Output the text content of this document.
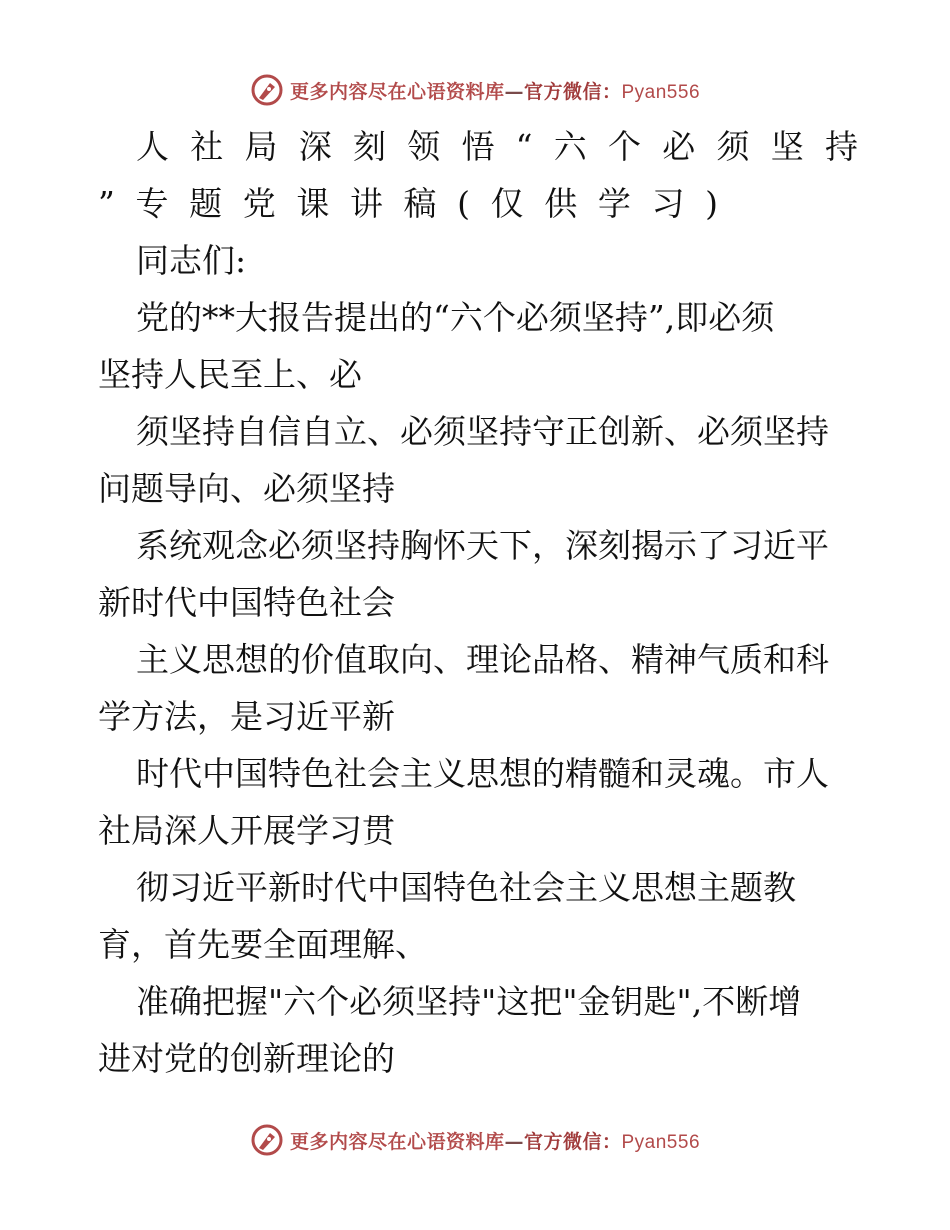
更多内容尽在心语资料库—官方微信：Pyan556
人社局深刻领悟“六个必须坚持
”专题党课讲稿(仅供学习)
同志们:
党的**大报告提出的“六个必须坚持”,即必须
坚持人民至上、必
须坚持自信自立、必须坚持守正创新、必须坚持
问题导向、必须坚持
系统观念必须坚持胸怀天下，深刻揭示了习近平
新时代中国特色社会
主义思想的价值取向、理论品格、精神气质和科
学方法，是习近平新
时代中国特色社会主义思想的精髓和灵魂。市人
社局深人开展学习贯
彻习近平新时代中国特色社会主义思想主题教
育，首先要全面理解、
准确把握"六个必须坚持"这把"金钥匙",不断增
进对党的创新理论的
更多内容尽在心语资料库—官方微信：Pyan556
